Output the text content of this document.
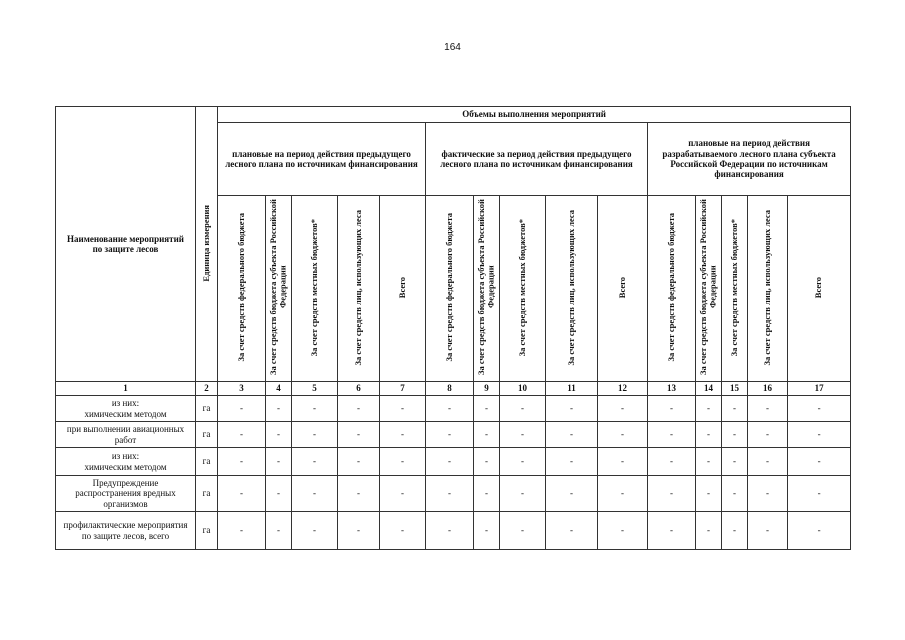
164
Наименование мероприятий по защите лесов	Единица измерения	Объемы выполнения мероприятий														
		плановые на период действия предыдущего лесного плана по источникам финансирования					фактические за период действия предыдущего лесного плана по источникам финансирования					плановые на период действия разрабатываемого лесного плана субъекта Российской Федерации по источникам финансирования				
		За счет средств федерального бюджета	За счет средств бюджета субъекта Российской Федерации	За счет средств местных бюджетов*	За счет средств лиц, использующих леса	Всего	За счет средств федерального бюджета	За счет средств бюджета субъекта Российской Федерации	За счет средств местных бюджетов*	За счет средств лиц, использующих леса	Всего	За счет средств федерального бюджета	За счет средств бюджета субъекта Российской Федерации	За счет средств местных бюджетов*	За счет средств лиц, использующих леса	Всего
1	2	3	4	5	6	7	8	9	10	11	12	13	14	15	16	17
из них:
химическим методом	га	-	-	-	-	-	-	-	-	-	-	-	-	-	-	-
при выполнении авиационных работ	га	-	-	-	-	-	-	-	-	-	-	-	-	-	-	-
из них:
химическим методом	га	-	-	-	-	-	-	-	-	-	-	-	-	-	-	-
Предупреждение распространения вредных организмов	га	-	-	-	-	-	-	-	-	-	-	-	-	-	-	-
профилактические мероприятия по защите лесов, всего	га	-	-	-	-	-	-	-	-	-	-	-	-	-	-	-
